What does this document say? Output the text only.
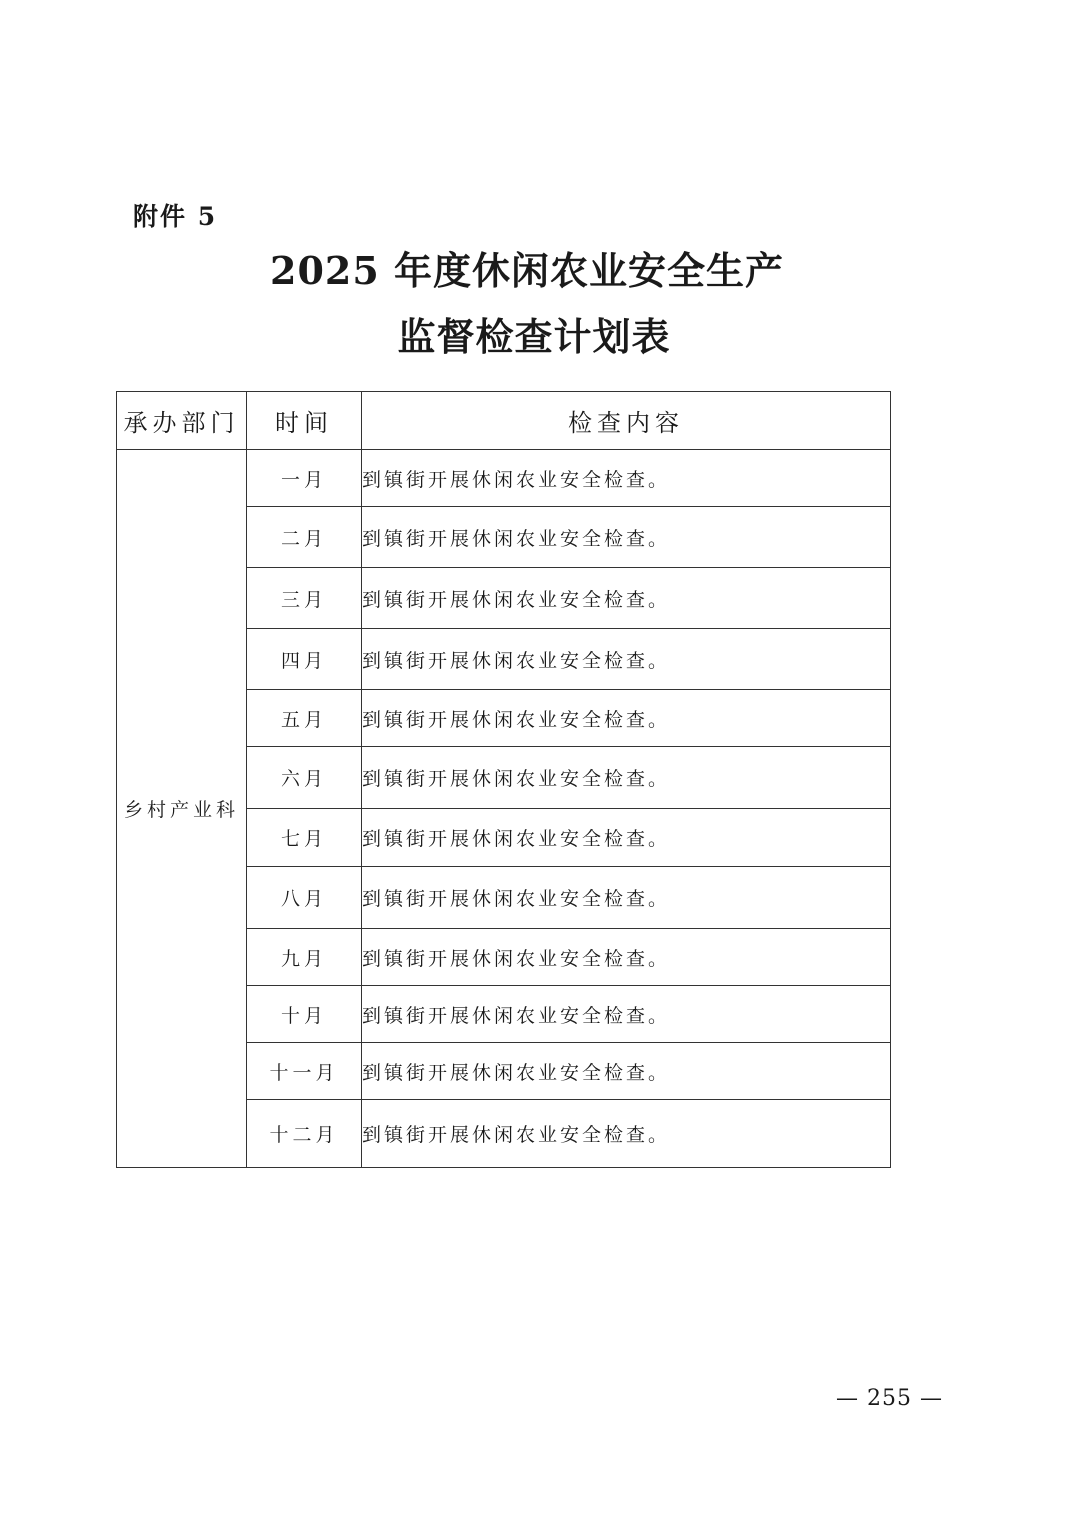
附件 5
2025 年度休闲农业安全生产
监督检查计划表
承办部门	时间	检查内容
乡村产业科	一月	到镇街开展休闲农业安全检查。
	二月	到镇街开展休闲农业安全检查。
	三月	到镇街开展休闲农业安全检查。
	四月	到镇街开展休闲农业安全检查。
	五月	到镇街开展休闲农业安全检查。
	六月	到镇街开展休闲农业安全检查。
	七月	到镇街开展休闲农业安全检查。
	八月	到镇街开展休闲农业安全检查。
	九月	到镇街开展休闲农业安全检查。
	十月	到镇街开展休闲农业安全检查。
	十一月	到镇街开展休闲农业安全检查。
	十二月	到镇街开展休闲农业安全检查。
— 255 —
